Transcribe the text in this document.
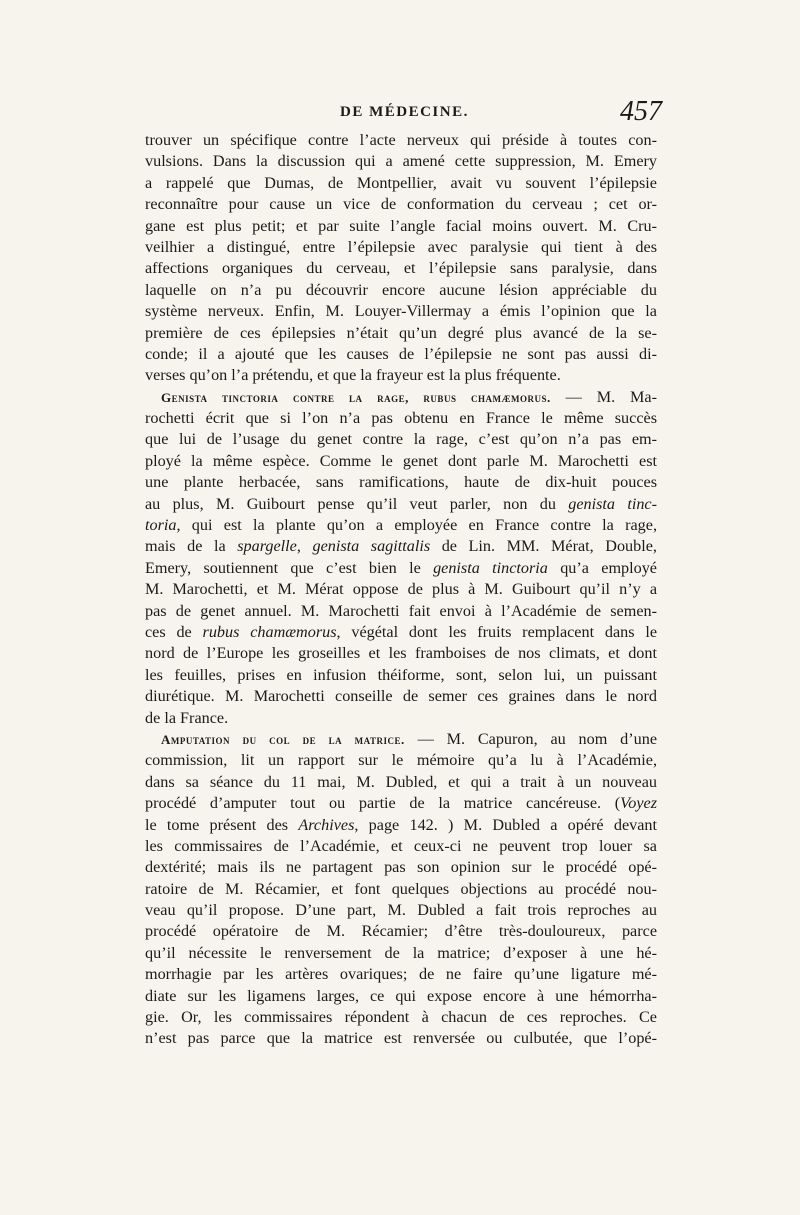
DE MÉDECINE.	457
trouver un spécifique contre l’acte nerveux qui préside à toutes con-
vulsions. Dans la discussion qui a amené cette suppression, M. Emery
a rappelé que Dumas, de Montpellier, avait vu souvent l’épilepsie
reconnaître pour cause un vice de conformation du cerveau ; cet or-
gane est plus petit; et par suite l’angle facial moins ouvert. M. Cru-
veilhier a distingué, entre l’épilepsie avec paralysie qui tient à des
affections organiques du cerveau, et l’épilepsie sans paralysie, dans
laquelle on n’a pu découvrir encore aucune lésion appréciable du
système nerveux. Enfin, M. Louyer-Villermay a émis l’opinion que la
première de ces épilepsies n’était qu’un degré plus avancé de la se-
conde; il a ajouté que les causes de l’épilepsie ne sont pas aussi di-
verses qu’on l’a prétendu, et que la frayeur est la plus fréquente.
Genista tinctoria contre la rage, rubus chamæmorus. — M. Ma-
rochetti écrit que si l’on n’a pas obtenu en France le même succès
que lui de l’usage du genet contre la rage, c’est qu’on n’a pas em-
ployé la même espèce. Comme le genet dont parle M. Marochetti est
une plante herbacée, sans ramifications, haute de dix-huit pouces
au plus, M. Guibourt pense qu’il veut parler, non du genista tinc-
toria, qui est la plante qu’on a employée en France contre la rage,
mais de la spargelle, genista sagittalis de Lin. MM. Mérat, Double,
Emery, soutiennent que c’est bien le genista tinctoria qu’a employé
M. Marochetti, et M. Mérat oppose de plus à M. Guibourt qu’il n’y a
pas de genet annuel. M. Marochetti fait envoi à l’Académie de semen-
ces de rubus chamæmorus, végétal dont les fruits remplacent dans le
nord de l’Europe les groseilles et les framboises de nos climats, et dont
les feuilles, prises en infusion théiforme, sont, selon lui, un puissant
diurétique. M. Marochetti conseille de semer ces graines dans le nord
de la France.
Amputation du col de la matrice. — M. Capuron, au nom d’une
commission, lit un rapport sur le mémoire qu’a lu à l’Académie,
dans sa séance du 11 mai, M. Dubled, et qui a trait à un nouveau
procédé d’amputer tout ou partie de la matrice cancéreuse. (Voyez
le tome présent des Archives, page 142. ) M. Dubled a opéré devant
les commissaires de l’Académie, et ceux-ci ne peuvent trop louer sa
dextérité; mais ils ne partagent pas son opinion sur le procédé opé-
ratoire de M. Récamier, et font quelques objections au procédé nou-
veau qu’il propose. D’une part, M. Dubled a fait trois reproches au
procédé opératoire de M. Récamier; d’être très-douloureux, parce
qu’il nécessite le renversement de la matrice; d’exposer à une hé-
morrhagie par les artères ovariques; de ne faire qu’une ligature mé-
diate sur les ligamens larges, ce qui expose encore à une hémorrha-
gie. Or, les commissaires répondent à chacun de ces reproches. Ce
n’est pas parce que la matrice est renversée ou culbutée, que l’opé-
